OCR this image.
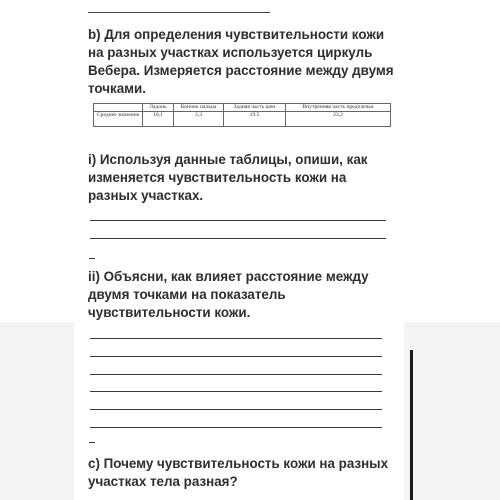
b) Для определения чувствительности кожи на разных участках используется циркуль Вебера. Измеряется расстояние между двумя точками.

	Ладонь	Кончик пальца	Задняя часть шеи	Внутренняя часть предплечья
Среднее значение	10,1	3,3	19,5	23,2

i) Используя данные таблицы, опиши, как изменяется чувствительность кожи на разных участках.

ii) Объясни, как влияет расстояние между двумя точками на показатель чувствительности кожи.

c) Почему чувствительность кожи на разных участках тела разная?
